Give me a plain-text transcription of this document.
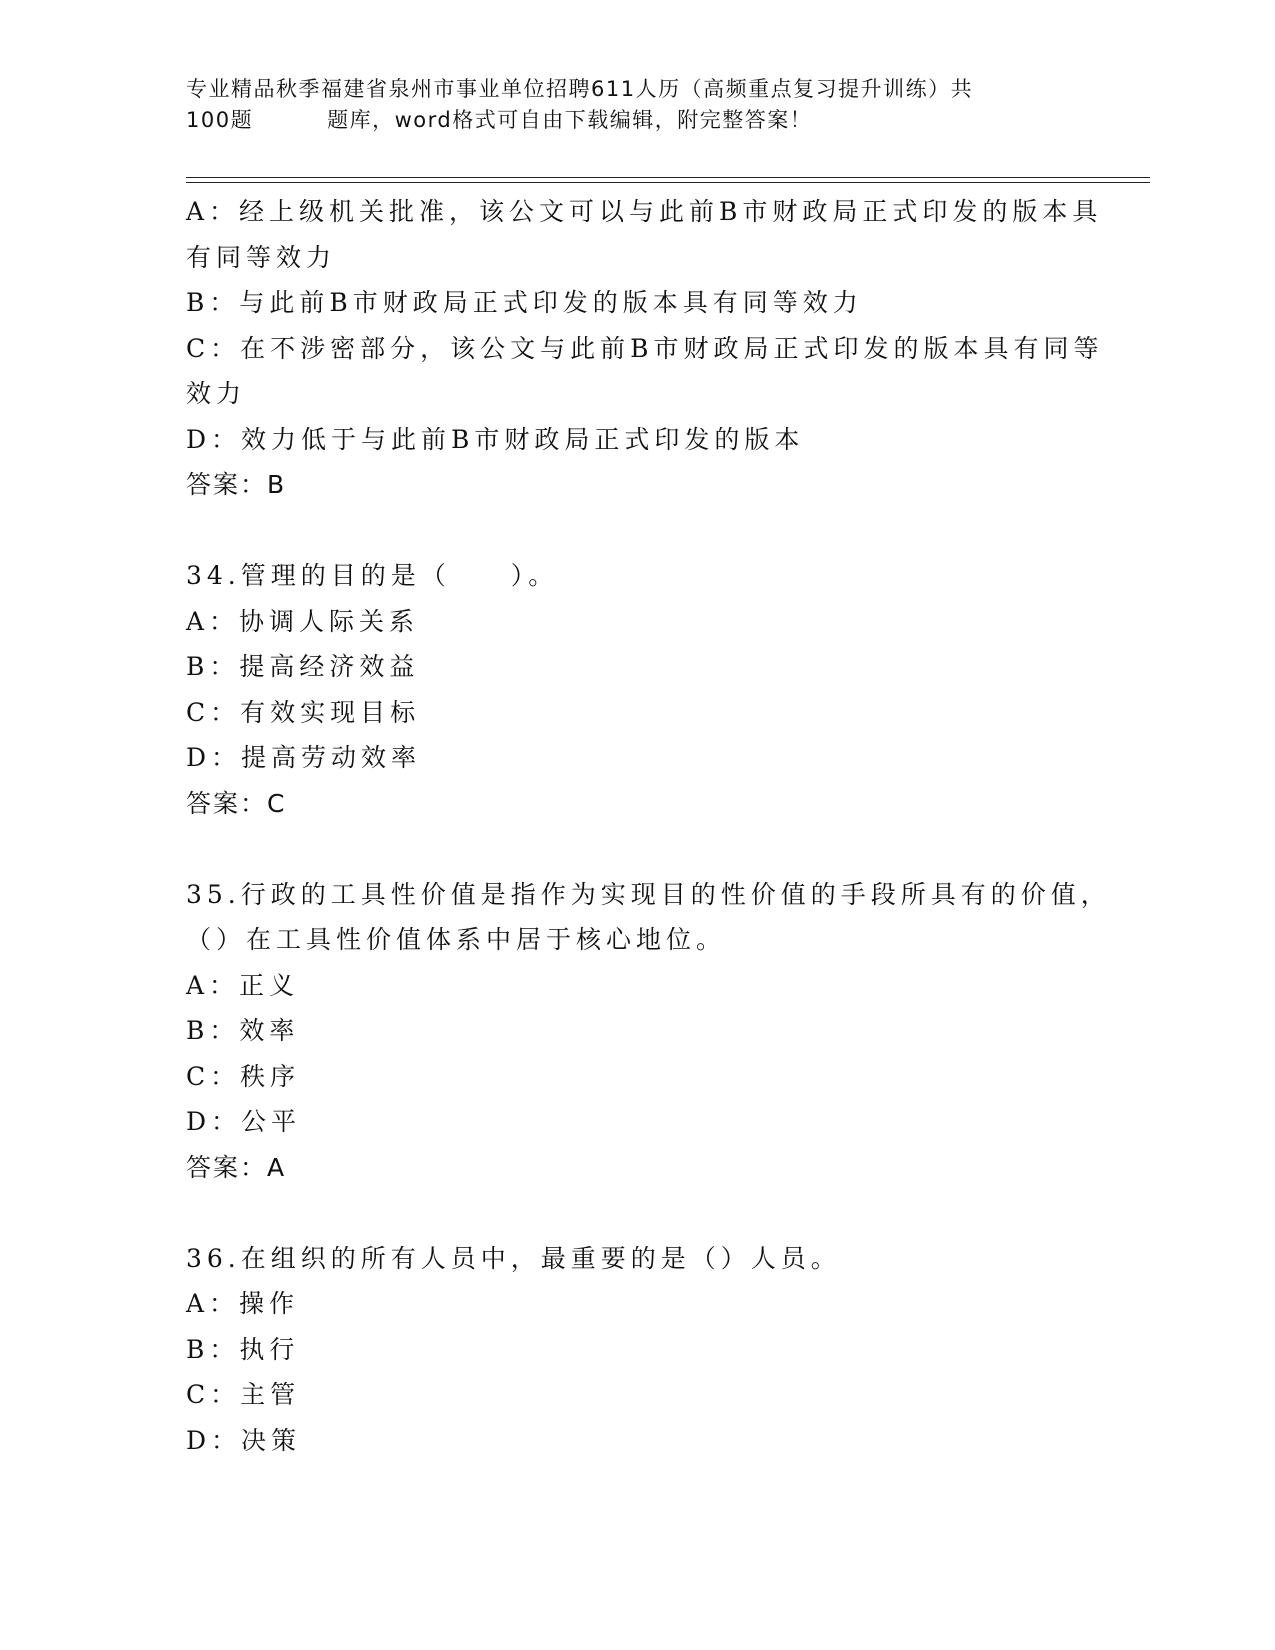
专业精品秋季福建省泉州市事业单位招聘611人历（高频重点复习提升训练）共
100题	题库，word格式可自由下载编辑，附完整答案！
A：经上级机关批准，该公文可以与此前B市财政局正式印发的版本具
有同等效力
B：与此前B市财政局正式印发的版本具有同等效力
C：在不涉密部分，该公文与此前B市财政局正式印发的版本具有同等
效力
D：效力低于与此前B市财政局正式印发的版本
答案：B
34.管理的目的是（　　）。
A：协调人际关系
B：提高经济效益
C：有效实现目标
D：提高劳动效率
答案：C
35.行政的工具性价值是指作为实现目的性价值的手段所具有的价值，
（）在工具性价值体系中居于核心地位。
A：正义
B：效率
C：秩序
D：公平
答案：A
36.在组织的所有人员中，最重要的是（）人员。
A：操作
B：执行
C：主管
D：决策
